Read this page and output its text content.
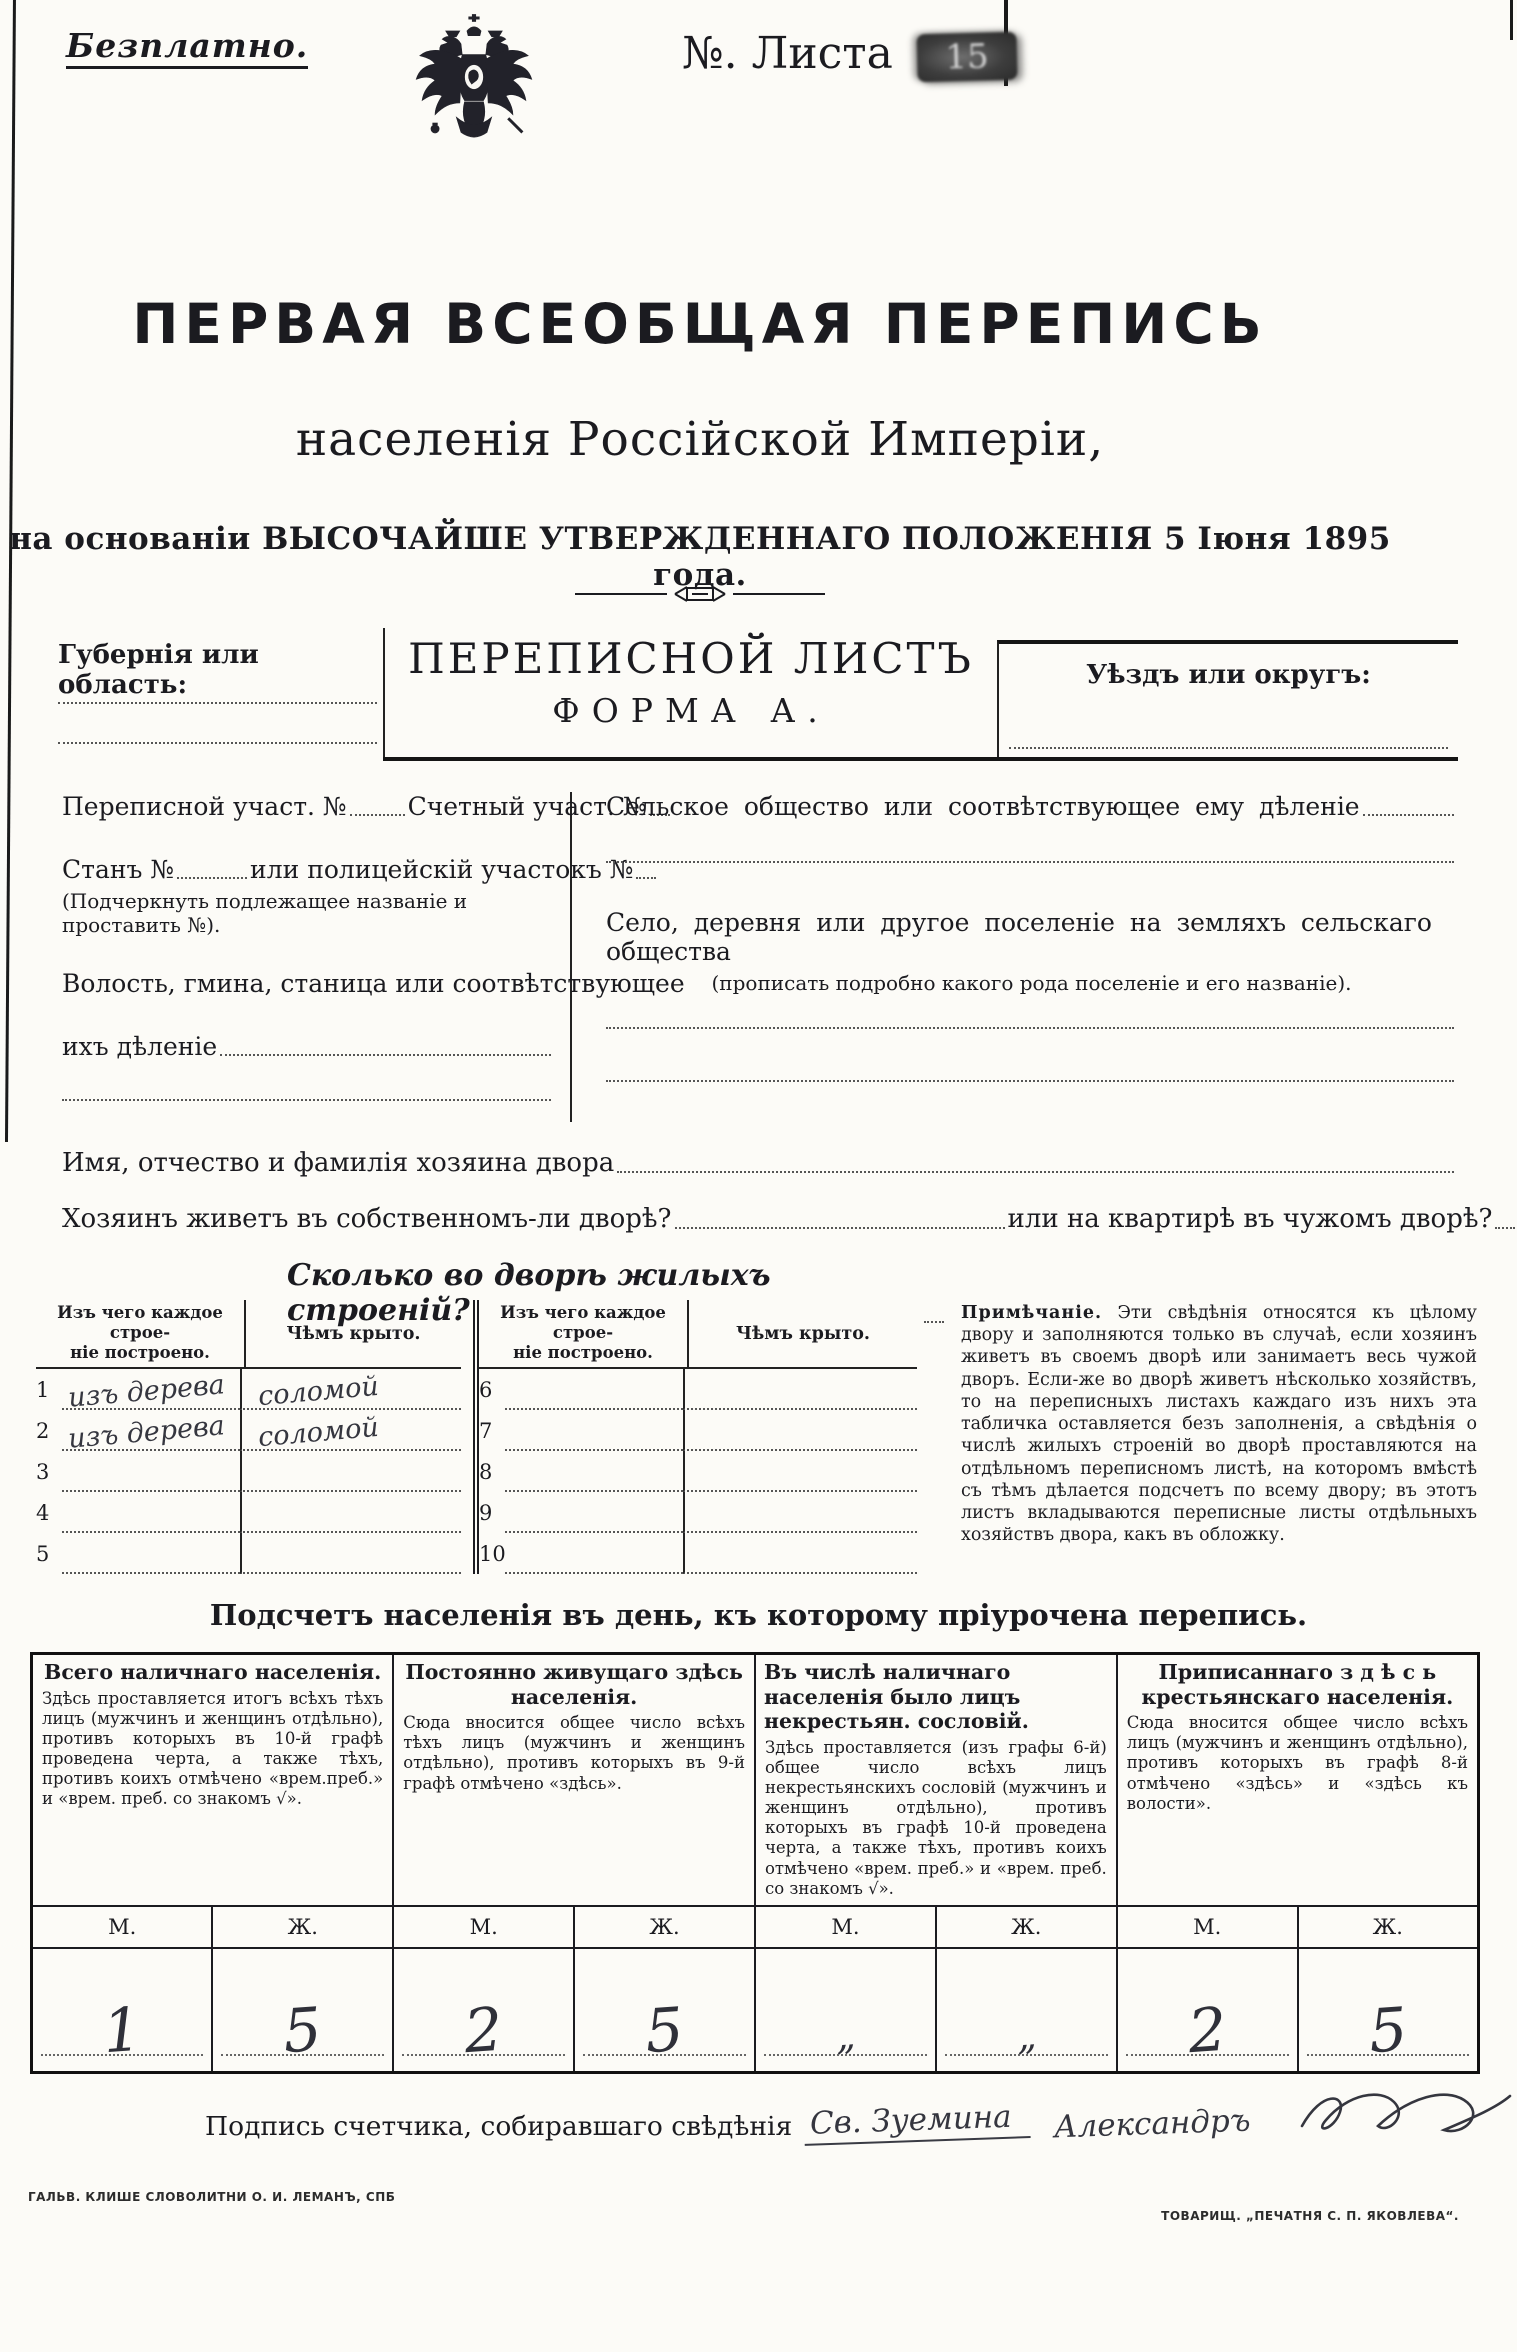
Безплатно.	№. Листа 15
ПЕРВАЯ ВСЕОБЩАЯ ПЕРЕПИСЬ
населенія Россійской Имперіи,
на основаніи ВЫСОЧАЙШЕ УТВЕРЖДЕННАГО ПОЛОЖЕНІЯ 5 Іюня 1895 года.
Губернія или область:
ПЕРЕПИСНОЙ ЛИСТЪ
ФОРМА А.
Уѣздъ или округъ:
Переписной участ. № Счетный участ. №
Станъ №	или полицейскій участокъ №
(Подчеркнуть подлежащее названіе и проставить №).
Волость, гмина, станица или соотвѣтствующее
ихъ дѣленіе
Сельское общество или соотвѣтствующее ему дѣленіе
Село, деревня или другое поселеніе на земляхъ сельскаго общества
(прописать подробно какого рода поселеніе и его названіе).
Имя, отчество и фамилія хозяина двора
Хозяинъ живетъ въ собственномъ-ли дворѣ?	или на квартирѣ въ чужомъ дворѣ?
Сколько во дворѣ жилыхъ строеній?
Изъ чего каждое строе-
ніе построено.
Чѣмъ крыто.
1 изъ дерева соломой
2 изъ дерева соломой
3
4
5
Изъ чего каждое строе-
ніе построено.
Чѣмъ крыто.
6
7
8
9
10
Примѣчаніе. Эти свѣдѣнія относятся къ цѣлому двору и заполняются только въ случаѣ, если хозяинъ живетъ въ своемъ дворѣ или занимаетъ весь чужой дворъ. Если-же во дворѣ живетъ нѣсколько хозяйствъ, то на переписныхъ листахъ каждаго изъ нихъ эта табличка оставляется безъ заполненія, а свѣдѣнія о числѣ жилыхъ строеній во дворѣ проставляются на отдѣльномъ переписномъ листѣ, на которомъ вмѣстѣ съ тѣмъ дѣлается подсчетъ по всему двору; въ этотъ листъ вкладываются переписные листы отдѣльныхъ хозяйствъ двора, какъ въ обложку.
Подсчетъ населенія въ день, къ которому пріурочена перепись.
Всего наличнаго населенія.
Здѣсь проставляется итогъ всѣхъ тѣхъ лицъ (мужчинъ и женщинъ отдѣльно), противъ которыхъ въ 10-й графѣ проведена черта, а также тѣхъ, противъ коихъ отмѣчено «врем.преб.» и «врем. преб. со знакомъ √».

Постоянно живущаго здѣсь населенія.
Сюда вносится общее число всѣхъ тѣхъ лицъ (мужчинъ и женщинъ отдѣльно), противъ которыхъ въ 9-й графѣ отмѣчено «здѣсь».

Въ числѣ наличнаго населенія было лицъ некрестьян. сословій.
Здѣсь проставляется (изъ графы 6-й) общее число всѣхъ лицъ некрестьянскихъ сословій (мужчинъ и женщинъ отдѣльно), противъ которыхъ въ графѣ 10-й проведена черта, а также тѣхъ, противъ коихъ отмѣчено «врем. преб.» и «врем. преб. со знакомъ √».

Приписаннаго з д ѣ с ь крестьянскаго населенія.
Сюда вносится общее число всѣхъ лицъ (мужчинъ и женщинъ отдѣльно), противъ которыхъ въ графѣ 8-й отмѣчено «здѣсь» и «здѣсь къ волости».

М.	Ж.	М.	Ж.	М.	Ж.	М.	Ж.

1	5	2	5	„	„	2	5
Подпись счетчика, собиравшаго свѣдѣнія Св. Зуемина	Александръ
ГАЛЬВ. КЛИШЕ СЛОВОЛИТНИ О. И. ЛЕМАНЪ, СПБ
ТОВАРИЩ. „ПЕЧАТНЯ С. П. ЯКОВЛЕВА“.
